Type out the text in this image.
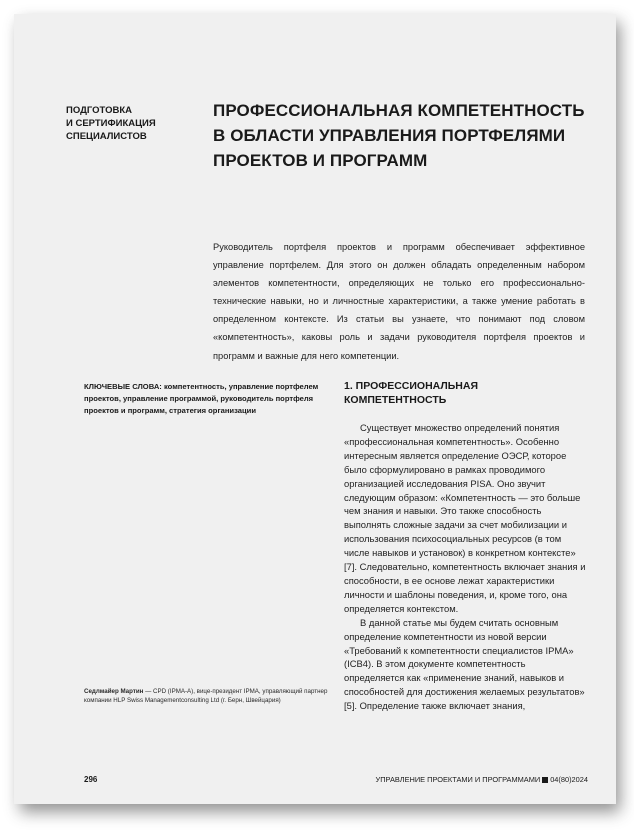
ПОДГОТОВКА
И СЕРТИФИКАЦИЯ
СПЕЦИАЛИСТОВ
ПРОФЕССИОНАЛЬНАЯ КОМПЕТЕНТНОСТЬ
В ОБЛАСТИ УПРАВЛЕНИЯ ПОРТФЕЛЯМИ
ПРОЕКТОВ И ПРОГРАММ

Руководитель портфеля проектов и программ обеспечивает эффективное управление портфелем. Для этого он должен обладать определенным набором элементов компетентности, определяющих не только его профессионально-технические навыки, но и личностные характеристики, а также умение работать в определенном контексте. Из статьи вы узнаете, что понимают под словом «компетентность», каковы роль и задачи руководителя портфеля проектов и программ и важные для него компетенции.

КЛЮЧЕВЫЕ СЛОВА: компетентность, управление портфелем проектов, управление программой, руководитель портфеля проектов и программ, стратегия организации
1. ПРОФЕССИОНАЛЬНАЯ
КОМПЕТЕНТНОСТЬ

Существует множество определений понятия «профессиональная компетентность». Особенно интересным является определение ОЭСР, которое было сформулировано в рамках проводимого организацией исследования PISA. Оно звучит следующим образом: «Компетентность — это больше чем знания и навыки. Это также способность выполнять сложные задачи за счет мобилизации и использования психосоциальных ресурсов (в том числе навыков и установок) в конкретном контексте» [7]. Следовательно, компетентность включает знания и способности, в ее основе лежат характеристики личности и шаблоны поведения, и, кроме того, она определяется контекстом.

В данной статье мы будем считать основным определение компетентности из новой версии «Требований к компетентности специалистов IPMA» (ICB4). В этом документе компетентность определяется как «применение знаний, навыков и способностей для достижения желаемых результатов» [5]. Определение также включает знания,

Седлмайер Мартин — CPD (IPMA-A), вице-президент IPMA, управляющий партнер компании HLP Swiss Managementconsulting Ltd (г. Берн, Швейцария)
296	УПРАВЛЕНИЕ ПРОЕКТАМИ И ПРОГРАММАМИ 04(80)2024
